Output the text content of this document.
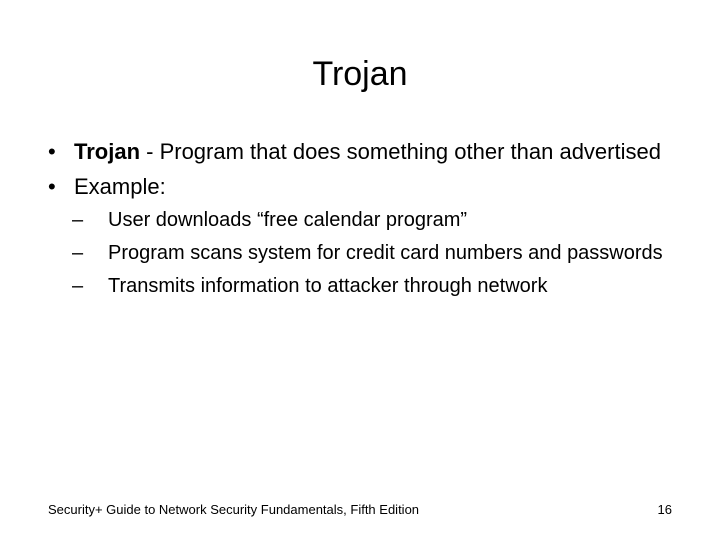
Trojan
• Trojan - Program that does something other than advertised
• Example:
– User downloads “free calendar program”
– Program scans system for credit card numbers and passwords
– Transmits information to attacker through network
Security+ Guide to Network Security Fundamentals, Fifth Edition	16
